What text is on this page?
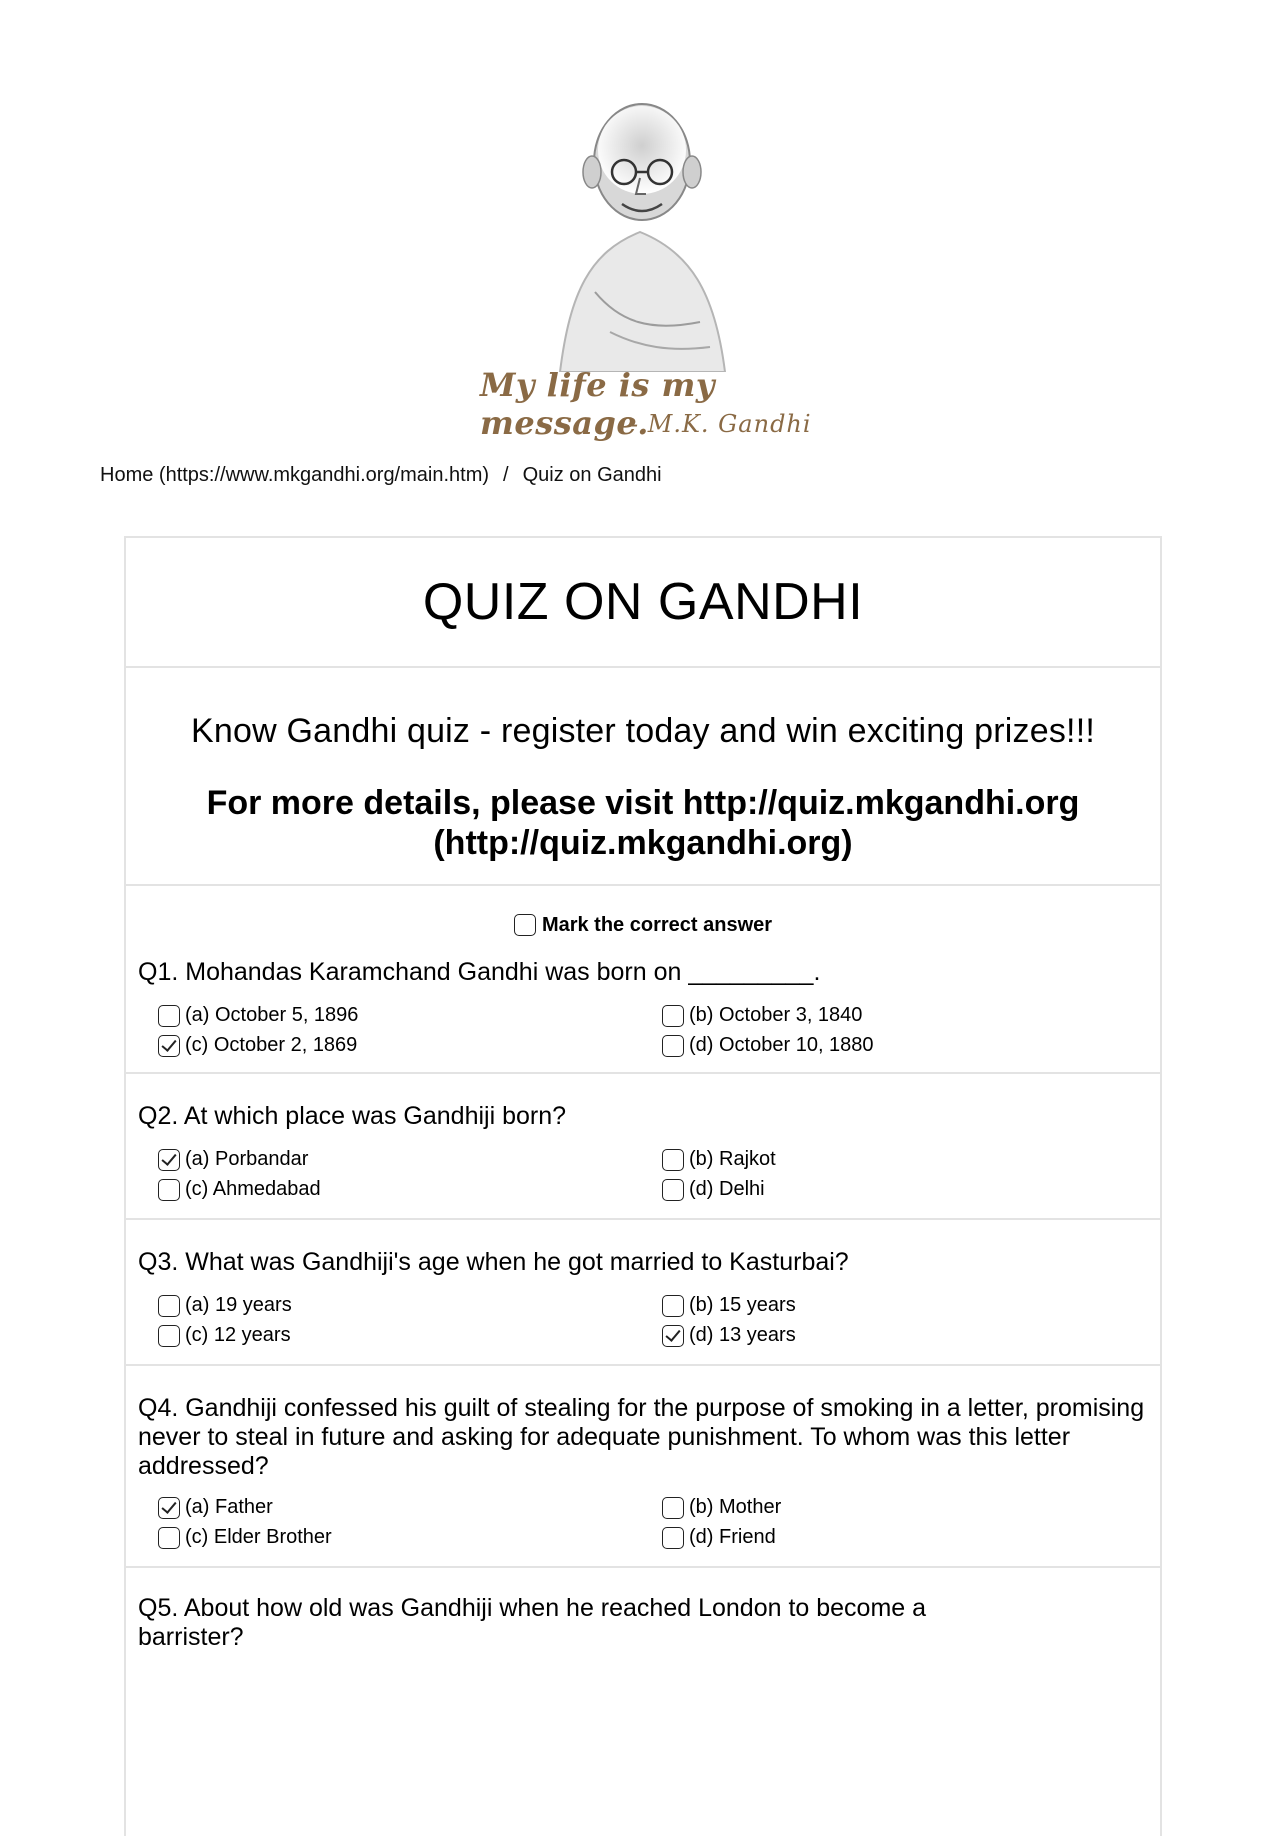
My life is my message.
- M.K. Gandhi
Home (https://www.mkgandhi.org/main.htm) / Quiz on Gandhi
QUIZ ON GANDHI
Know Gandhi quiz - register today and win exciting prizes!!!
For more details, please visit http://quiz.mkgandhi.org
(http://quiz.mkgandhi.org)
Mark the correct answer
Q1. Mohandas Karamchand Gandhi was born on _________.
(a) October 5, 1896	(b) October 3, 1840
(c) October 2, 1869	(d) October 10, 1880
Q2. At which place was Gandhiji born?
(a) Porbandar	(b) Rajkot
(c) Ahmedabad	(d) Delhi
Q3. What was Gandhiji's age when he got married to Kasturbai?
(a) 19 years	(b) 15 years
(c) 12 years	(d) 13 years
Q4. Gandhiji confessed his guilt of stealing for the purpose of smoking in a letter, promising never to steal in future and asking for adequate punishment. To whom was this letter addressed?
(a) Father	(b) Mother
(c) Elder Brother	(d) Friend
Q5. About how old was Gandhiji when he reached London to become a barrister?
